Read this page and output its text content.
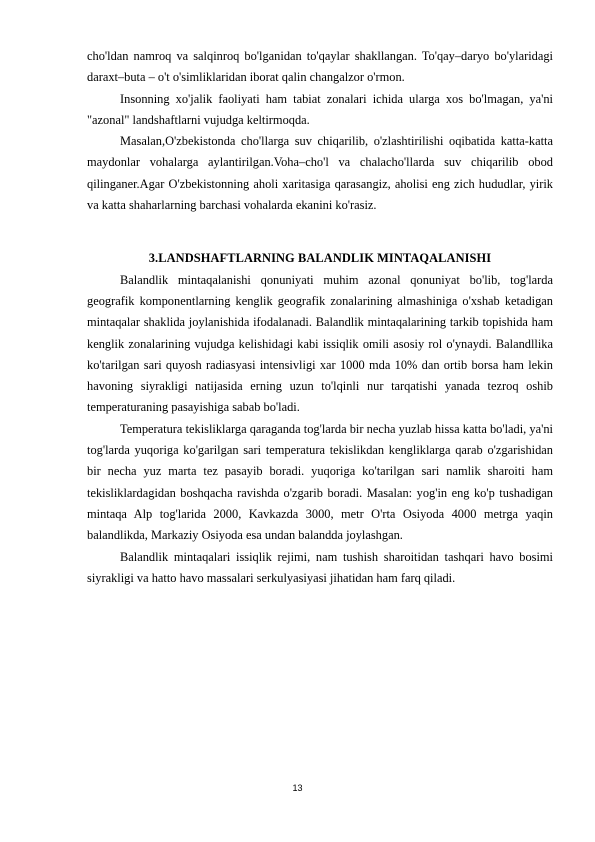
cho'ldan namroq va salqinroq bo'lganidan to'qaylar shakllangan. To'qay–daryo bo'ylaridagi daraxt–buta – o't o'simliklaridan iborat qalin changalzor o'rmon.

Insonning xo'jalik faoliyati ham tabiat zonalari ichida ularga xos bo'lmagan, ya'ni "azonal" landshaftlarni vujudga keltirmoqda.

Masalan,O'zbekistonda cho'llarga suv chiqarilib, o'zlashtirilishi oqibatida katta-katta maydonlar vohalarga aylantirilgan.Voha–cho'l va chalacho'llarda suv chiqarilib obod qilinganer.Agar O'zbekistonning aholi xaritasiga qarasangiz, aholisi eng zich hududlar, yirik va katta shaharlarning barchasi vohalarda ekanini ko'rasiz.

3.LANDSHAFTLARNING BALANDLIK MINTAQALANISHI

Balandlik mintaqalanishi qonuniyati muhim azonal qonuniyat bo'lib, tog'larda geografik komponentlarning kenglik geografik zonalarining almashiniga o'xshab ketadigan mintaqalar shaklida joylanishida ifodalanadi. Balandlik mintaqalarining tarkib topishida ham kenglik zonalarining vujudga kelishidagi kabi issiqlik omili asosiy rol o'ynaydi. Balandllika ko'tarilgan sari quyosh radiasyasi intensivligi xar 1000 mda 10% dan ortib borsa ham lekin havoning siyrakligi natijasida erning uzun to'lqinli nur tarqatishi yanada tezroq oshib temperaturaning pasayishiga sabab bo'ladi.

Temperatura tekisliklarga qaraganda tog'larda bir necha yuzlab hissa katta bo'ladi, ya'ni tog'larda yuqoriga ko'garilgan sari temperatura tekislikdan kengliklarga qarab o'zgarishidan bir necha yuz marta tez pasayib boradi. yuqoriga ko'tarilgan sari namlik sharoiti ham tekisliklardagidan boshqacha ravishda o'zgarib boradi. Masalan: yog'in eng ko'p tushadigan mintaqa Alp tog'larida 2000, Kavkazda 3000, metr O'rta Osiyoda 4000 metrga yaqin balandlikda, Markaziy Osiyoda esa undan balandda joylashgan.

Balandlik mintaqalari issiqlik rejimi, nam tushish sharoitidan tashqari havo bosimi siyrakligi va hatto havo massalari serkulyasiyasi jihatidan ham farq qiladi.

13
